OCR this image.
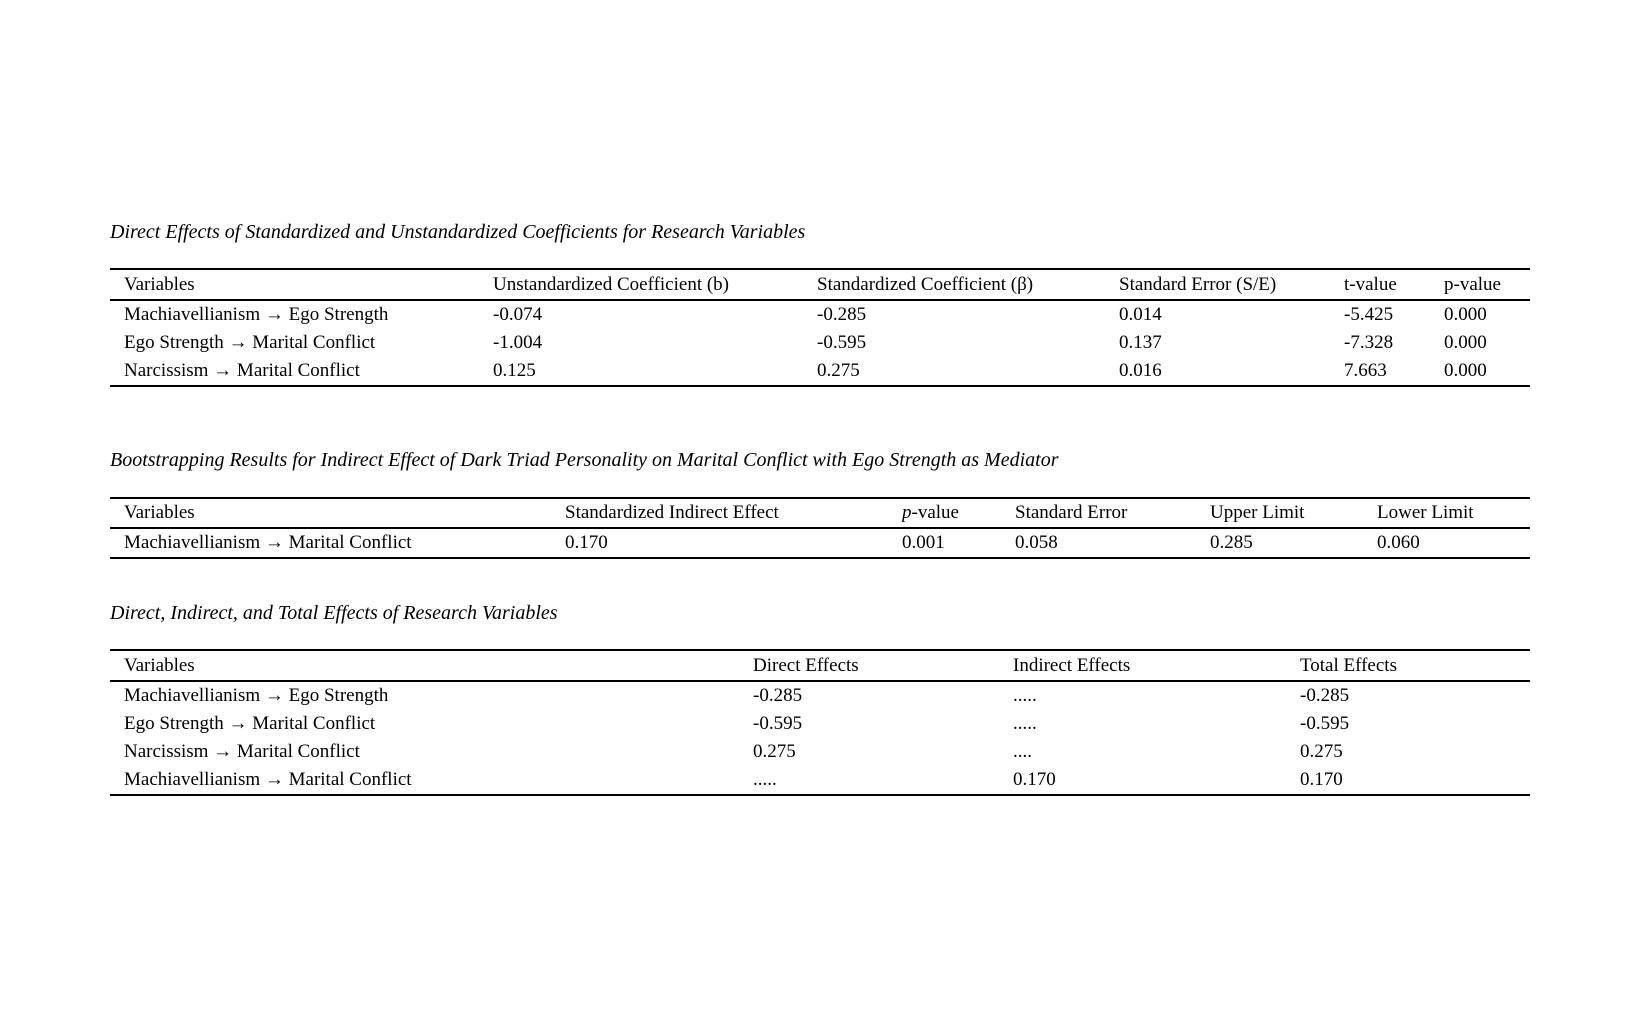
Direct Effects of Standardized and Unstandardized Coefficients for Research Variables
Variables	Unstandardized Coefficient (b)	Standardized Coefficient (β)	Standard Error (S/E)	t-value	p-value
Machiavellianism → Ego Strength	-0.074	-0.285	0.014	-5.425	0.000
Ego Strength → Marital Conflict	-1.004	-0.595	0.137	-7.328	0.000
Narcissism → Marital Conflict	0.125	0.275	0.016	7.663	0.000
Bootstrapping Results for Indirect Effect of Dark Triad Personality on Marital Conflict with Ego Strength as Mediator
Variables	Standardized Indirect Effect	p-value	Standard Error	Upper Limit	Lower Limit
Machiavellianism → Marital Conflict	0.170	0.001	0.058	0.285	0.060
Direct, Indirect, and Total Effects of Research Variables
Variables	Direct Effects	Indirect Effects	Total Effects
Machiavellianism → Ego Strength	-0.285	.....	-0.285
Ego Strength → Marital Conflict	-0.595	.....	-0.595
Narcissism → Marital Conflict	0.275	....	0.275
Machiavellianism → Marital Conflict	.....	0.170	0.170
